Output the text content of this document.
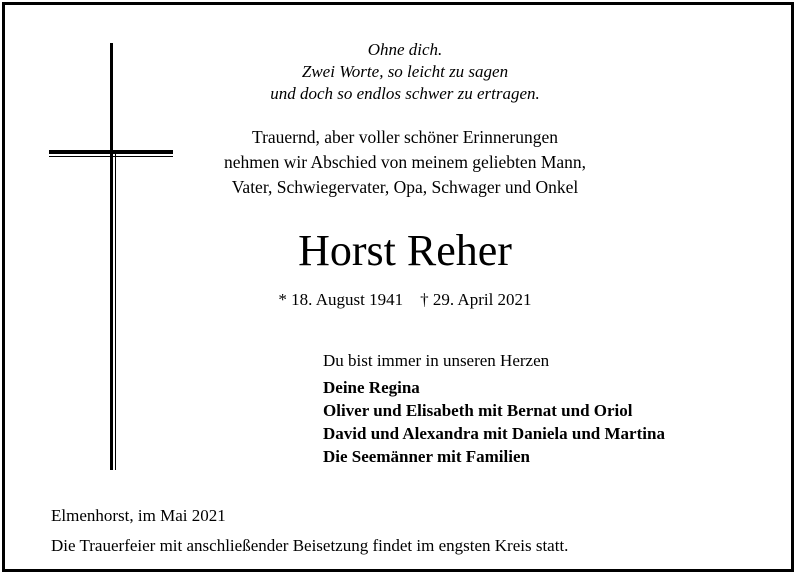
Ohne dich.
Zwei Worte, so leicht zu sagen
und doch so endlos schwer zu ertragen.
Trauernd, aber voller schöner Erinnerungen
nehmen wir Abschied von meinem geliebten Mann,
Vater, Schwiegervater, Opa, Schwager und Onkel
Horst Reher
* 18. August 1941 † 29. April 2021
Du bist immer in unseren Herzen
Deine Regina
Oliver und Elisabeth mit Bernat und Oriol
David und Alexandra mit Daniela und Martina
Die Seemänner mit Familien
Elmenhorst, im Mai 2021
Die Trauerfeier mit anschließender Beisetzung findet im engsten Kreis statt.
